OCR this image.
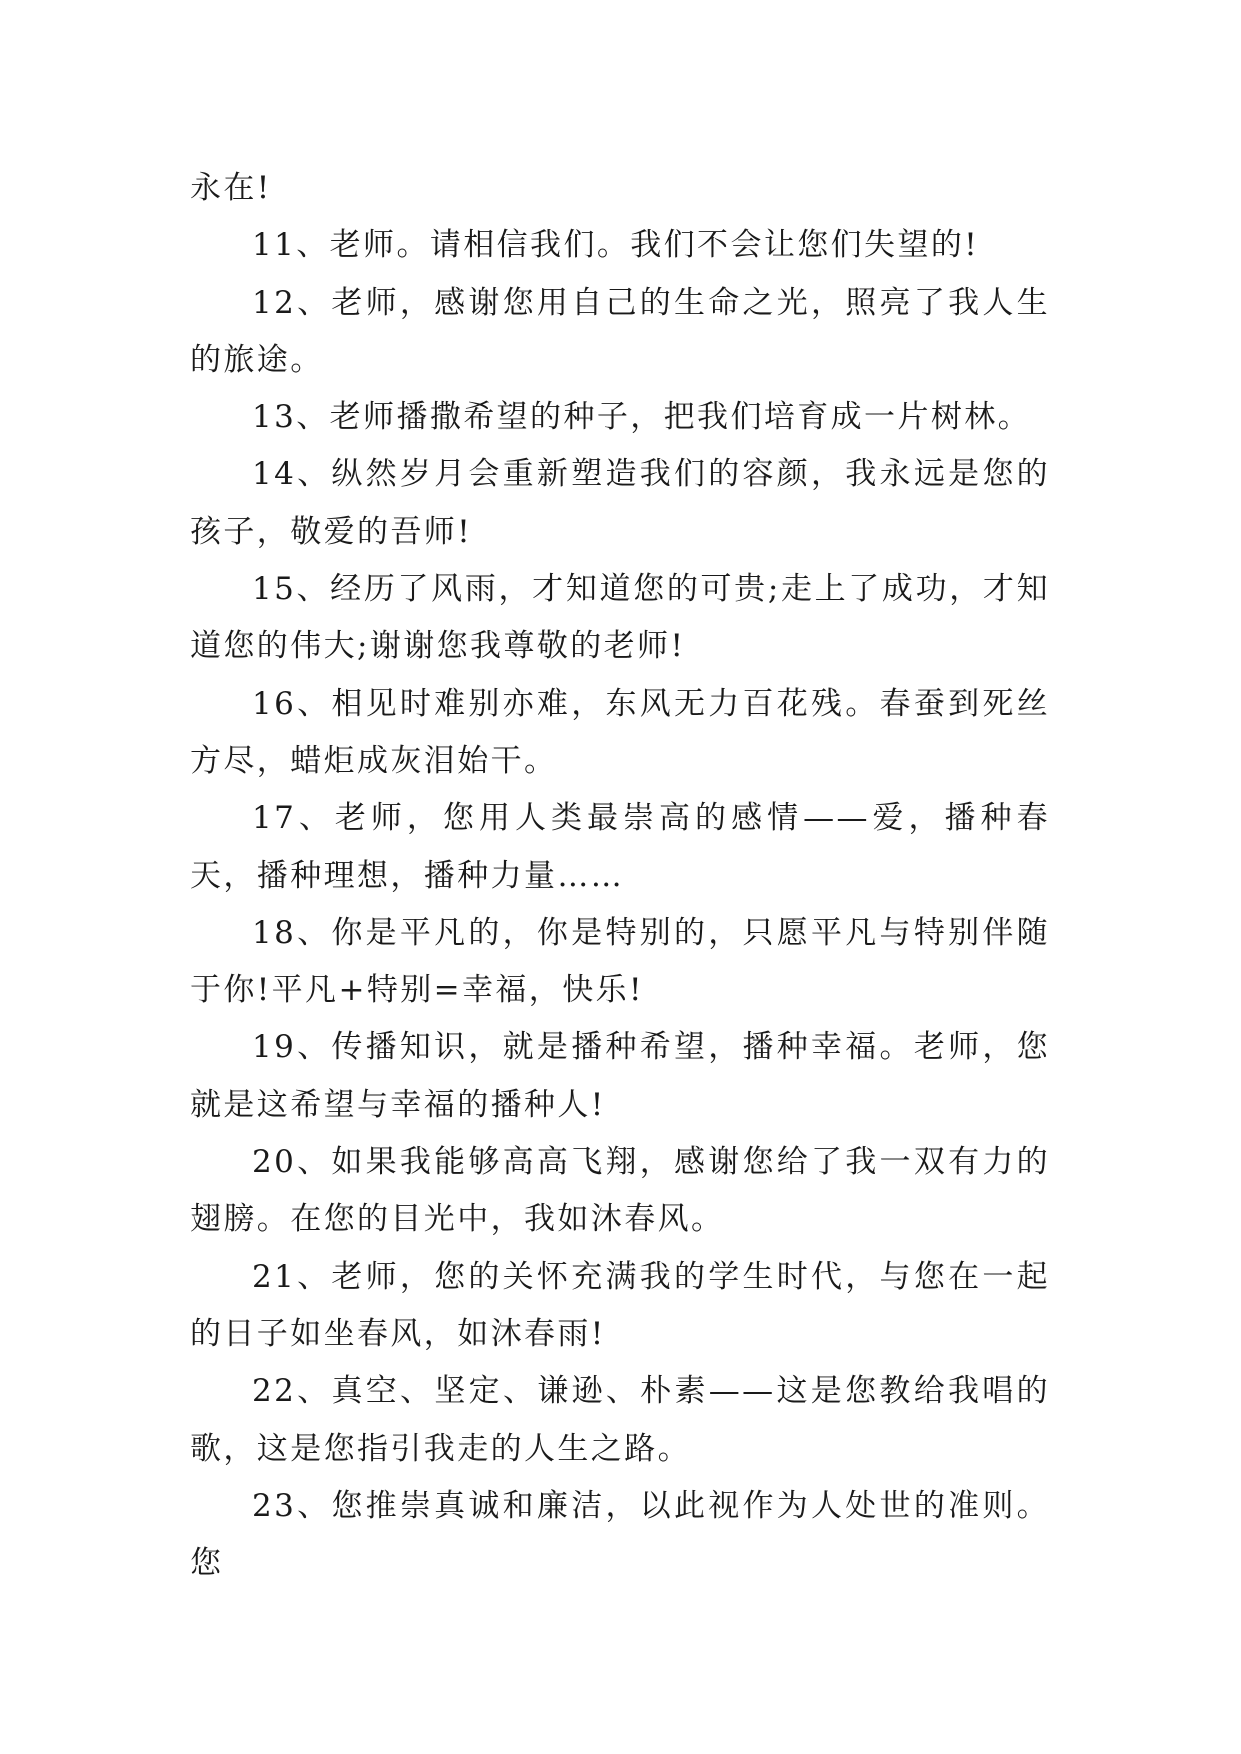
永在!

11、老师。请相信我们。我们不会让您们失望的!

12、老师，感谢您用自己的生命之光，照亮了我人生的旅途。

13、老师播撒希望的种子，把我们培育成一片树林。

14、纵然岁月会重新塑造我们的容颜，我永远是您的孩子，敬爱的吾师!

15、经历了风雨，才知道您的可贵;走上了成功，才知道您的伟大;谢谢您我尊敬的老师!

16、相见时难别亦难，东风无力百花残。春蚕到死丝方尽，蜡炬成灰泪始干。

17、老师，您用人类最崇高的感情——爱，播种春天，播种理想，播种力量……

18、你是平凡的，你是特别的，只愿平凡与特别伴随于你!平凡+特别=幸福，快乐!

19、传播知识，就是播种希望，播种幸福。老师，您就是这希望与幸福的播种人!

20、如果我能够高高飞翔，感谢您给了我一双有力的翅膀。在您的目光中，我如沐春风。

21、老师，您的关怀充满我的学生时代，与您在一起的日子如坐春风，如沐春雨!

22、真空、坚定、谦逊、朴素——这是您教给我唱的歌，这是您指引我走的人生之路。

23、您推崇真诚和廉洁，以此视作为人处世的准则。您
